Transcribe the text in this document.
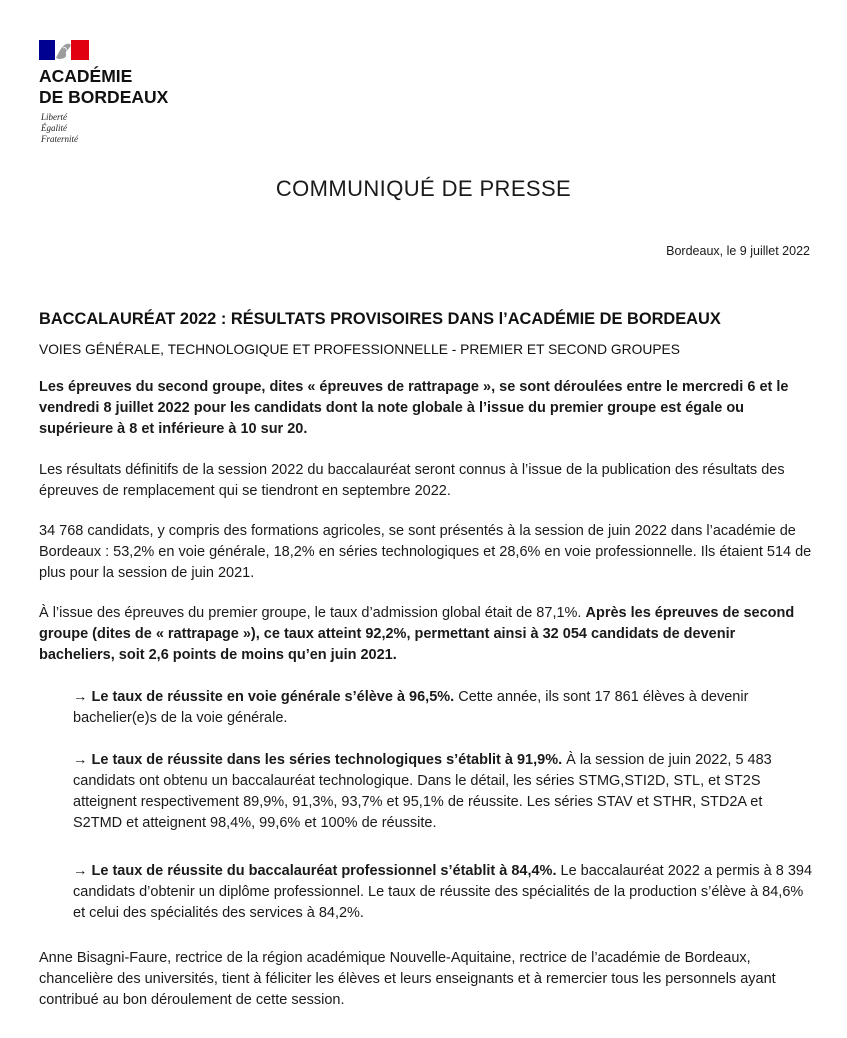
ACADÉMIE
DE BORDEAUX
Liberté
Égalité
Fraternité
COMMUNIQUÉ DE PRESSE
Bordeaux, le 9 juillet 2022
BACCALAURÉAT 2022 : RÉSULTATS PROVISOIRES DANS l’ACADÉMIE DE BORDEAUX
VOIES GÉNÉRALE, TECHNOLOGIQUE ET PROFESSIONNELLE - PREMIER ET SECOND GROUPES

Les épreuves du second groupe, dites « épreuves de rattrapage », se sont déroulées entre le mercredi 6 et le vendredi 8 juillet 2022 pour les candidats dont la note globale à l’issue du premier groupe est égale ou supérieure à 8 et inférieure à 10 sur 20.

Les résultats définitifs de la session 2022 du baccalauréat seront connus à l’issue de la publication des résultats des épreuves de remplacement qui se tiendront en septembre 2022.

34 768 candidats, y compris des formations agricoles, se sont présentés à la session de juin 2022 dans l’académie de Bordeaux : 53,2% en voie générale, 18,2% en séries technologiques et 28,6% en voie professionnelle. Ils étaient 514 de plus pour la session de juin 2021.

À l’issue des épreuves du premier groupe, le taux d’admission global était de 87,1%. Après les épreuves de second groupe (dites de « rattrapage »), ce taux atteint 92,2%, permettant ainsi à 32 054 candidats de devenir bacheliers, soit 2,6 points de moins qu’en juin 2021.

→ Le taux de réussite en voie générale s’élève à 96,5%. Cette année, ils sont 17 861 élèves à devenir bachelier(e)s de la voie générale.

→ Le taux de réussite dans les séries technologiques s’établit à 91,9%. À la session de juin 2022, 5 483 candidats ont obtenu un baccalauréat technologique. Dans le détail, les séries STMG,STI2D, STL, et ST2S atteignent respectivement 89,9%, 91,3%, 93,7% et 95,1% de réussite. Les séries STAV et STHR, STD2A et S2TMD et atteignent 98,4%, 99,6% et 100% de réussite.

→ Le taux de réussite du baccalauréat professionnel s’établit à 84,4%. Le baccalauréat 2022 a permis à 8 394 candidats d’obtenir un diplôme professionnel. Le taux de réussite des spécialités de la production s’élève à 84,6% et celui des spécialités des services à 84,2%.

Anne Bisagni-Faure, rectrice de la région académique Nouvelle-Aquitaine, rectrice de l’académie de Bordeaux, chancelière des universités, tient à féliciter les élèves et leurs enseignants et à remercier tous les personnels ayant contribué au bon déroulement de cette session.
